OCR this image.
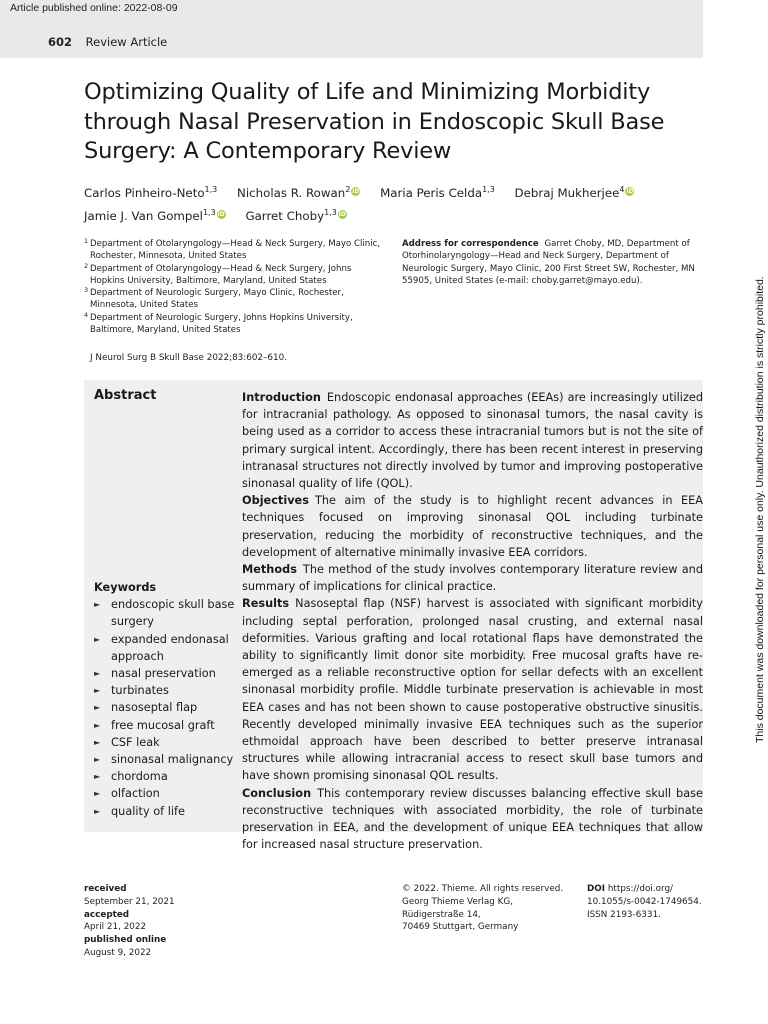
Article published online: 2022-08-09
602 Review Article
Optimizing Quality of Life and Minimizing Morbidity through Nasal Preservation in Endoscopic Skull Base Surgery: A Contemporary Review
Carlos Pinheiro-Neto$^{1,3}$ Nicholas R. Rowan$^2$ iD Maria Peris Celda$^{1,3}$ Debraj Mukherjee$^4$ iD
Jamie J. Van Gompel$^{1,3}$ iD Garret Choby$^{1,3}$ iD
1 Department of Otolaryngology—Head & Neck Surgery, Mayo Clinic, Rochester, Minnesota, United States
2 Department of Otolaryngology—Head & Neck Surgery, Johns Hopkins University, Baltimore, Maryland, United States
3 Department of Neurologic Surgery, Mayo Clinic, Rochester, Minnesota, United States
4 Department of Neurologic Surgery, Johns Hopkins University, Baltimore, Maryland, United States
Address for correspondence Garret Choby, MD, Department of Otorhinolaryngology—Head and Neck Surgery, Department of Neurologic Surgery, Mayo Clinic, 200 First Street SW, Rochester, MN 55905, United States (e-mail: choby.garret@mayo.edu).
J Neurol Surg B Skull Base 2022;83:602–610.
Abstract	Introduction Endoscopic endonasal approaches (EEAs) are increasingly utilized for intracranial pathology. As opposed to sinonasal tumors, the nasal cavity is being used as a corridor to access these intracranial tumors but is not the site of primary surgical intent. Accordingly, there has been recent interest in preserving intranasal structures not directly involved by tumor and improving postoperative sinonasal quality of life (QOL).

Objectives The aim of the study is to highlight recent advances in EEA techniques focused on improving sinonasal QOL including turbinate preservation, reducing the morbidity of reconstructive techniques, and the development of alternative minimally invasive EEA corridors.

Methods The method of the study involves contemporary literature review and summary of implications for clinical practice.

Results Nasoseptal flap (NSF) harvest is associated with significant morbidity including septal perforation, prolonged nasal crusting, and external nasal deformities. Various grafting and local rotational flaps have demonstrated the ability to significantly limit donor site morbidity. Free mucosal grafts have re-emerged as a reliable reconstructive option for sellar defects with an excellent sinonasal morbidity profile. Middle turbinate preservation is achievable in most EEA cases and has not been shown to cause postoperative obstructive sinusitis. Recently developed minimally invasive EEA techniques such as the superior ethmoidal approach have been described to better preserve intranasal structures while allowing intracranial access to resect skull base tumors and have shown promising sinonasal QOL results.

Conclusion This contemporary review discusses balancing effective skull base reconstructive techniques with associated morbidity, the role of turbinate preservation in EEA, and the development of unique EEA techniques that allow for increased nasal structure preservation.

Keywords
► endoscopic skull base surgery
► expanded endonasal approach
► nasal preservation
► turbinates
► nasoseptal flap
► free mucosal graft
► CSF leak
► sinonasal malignancy
► chordoma
► olfaction
► quality of life
received
September 21, 2021
accepted
April 21, 2022
published online
August 9, 2022
© 2022. Thieme. All rights reserved.
Georg Thieme Verlag KG,
Rüdigerstraße 14,
70469 Stuttgart, Germany
DOI https://doi.org/
10.1055/s-0042-1749654.
ISSN 2193-6331.
This document was downloaded for personal use only. Unauthorized distribution is strictly prohibited.
